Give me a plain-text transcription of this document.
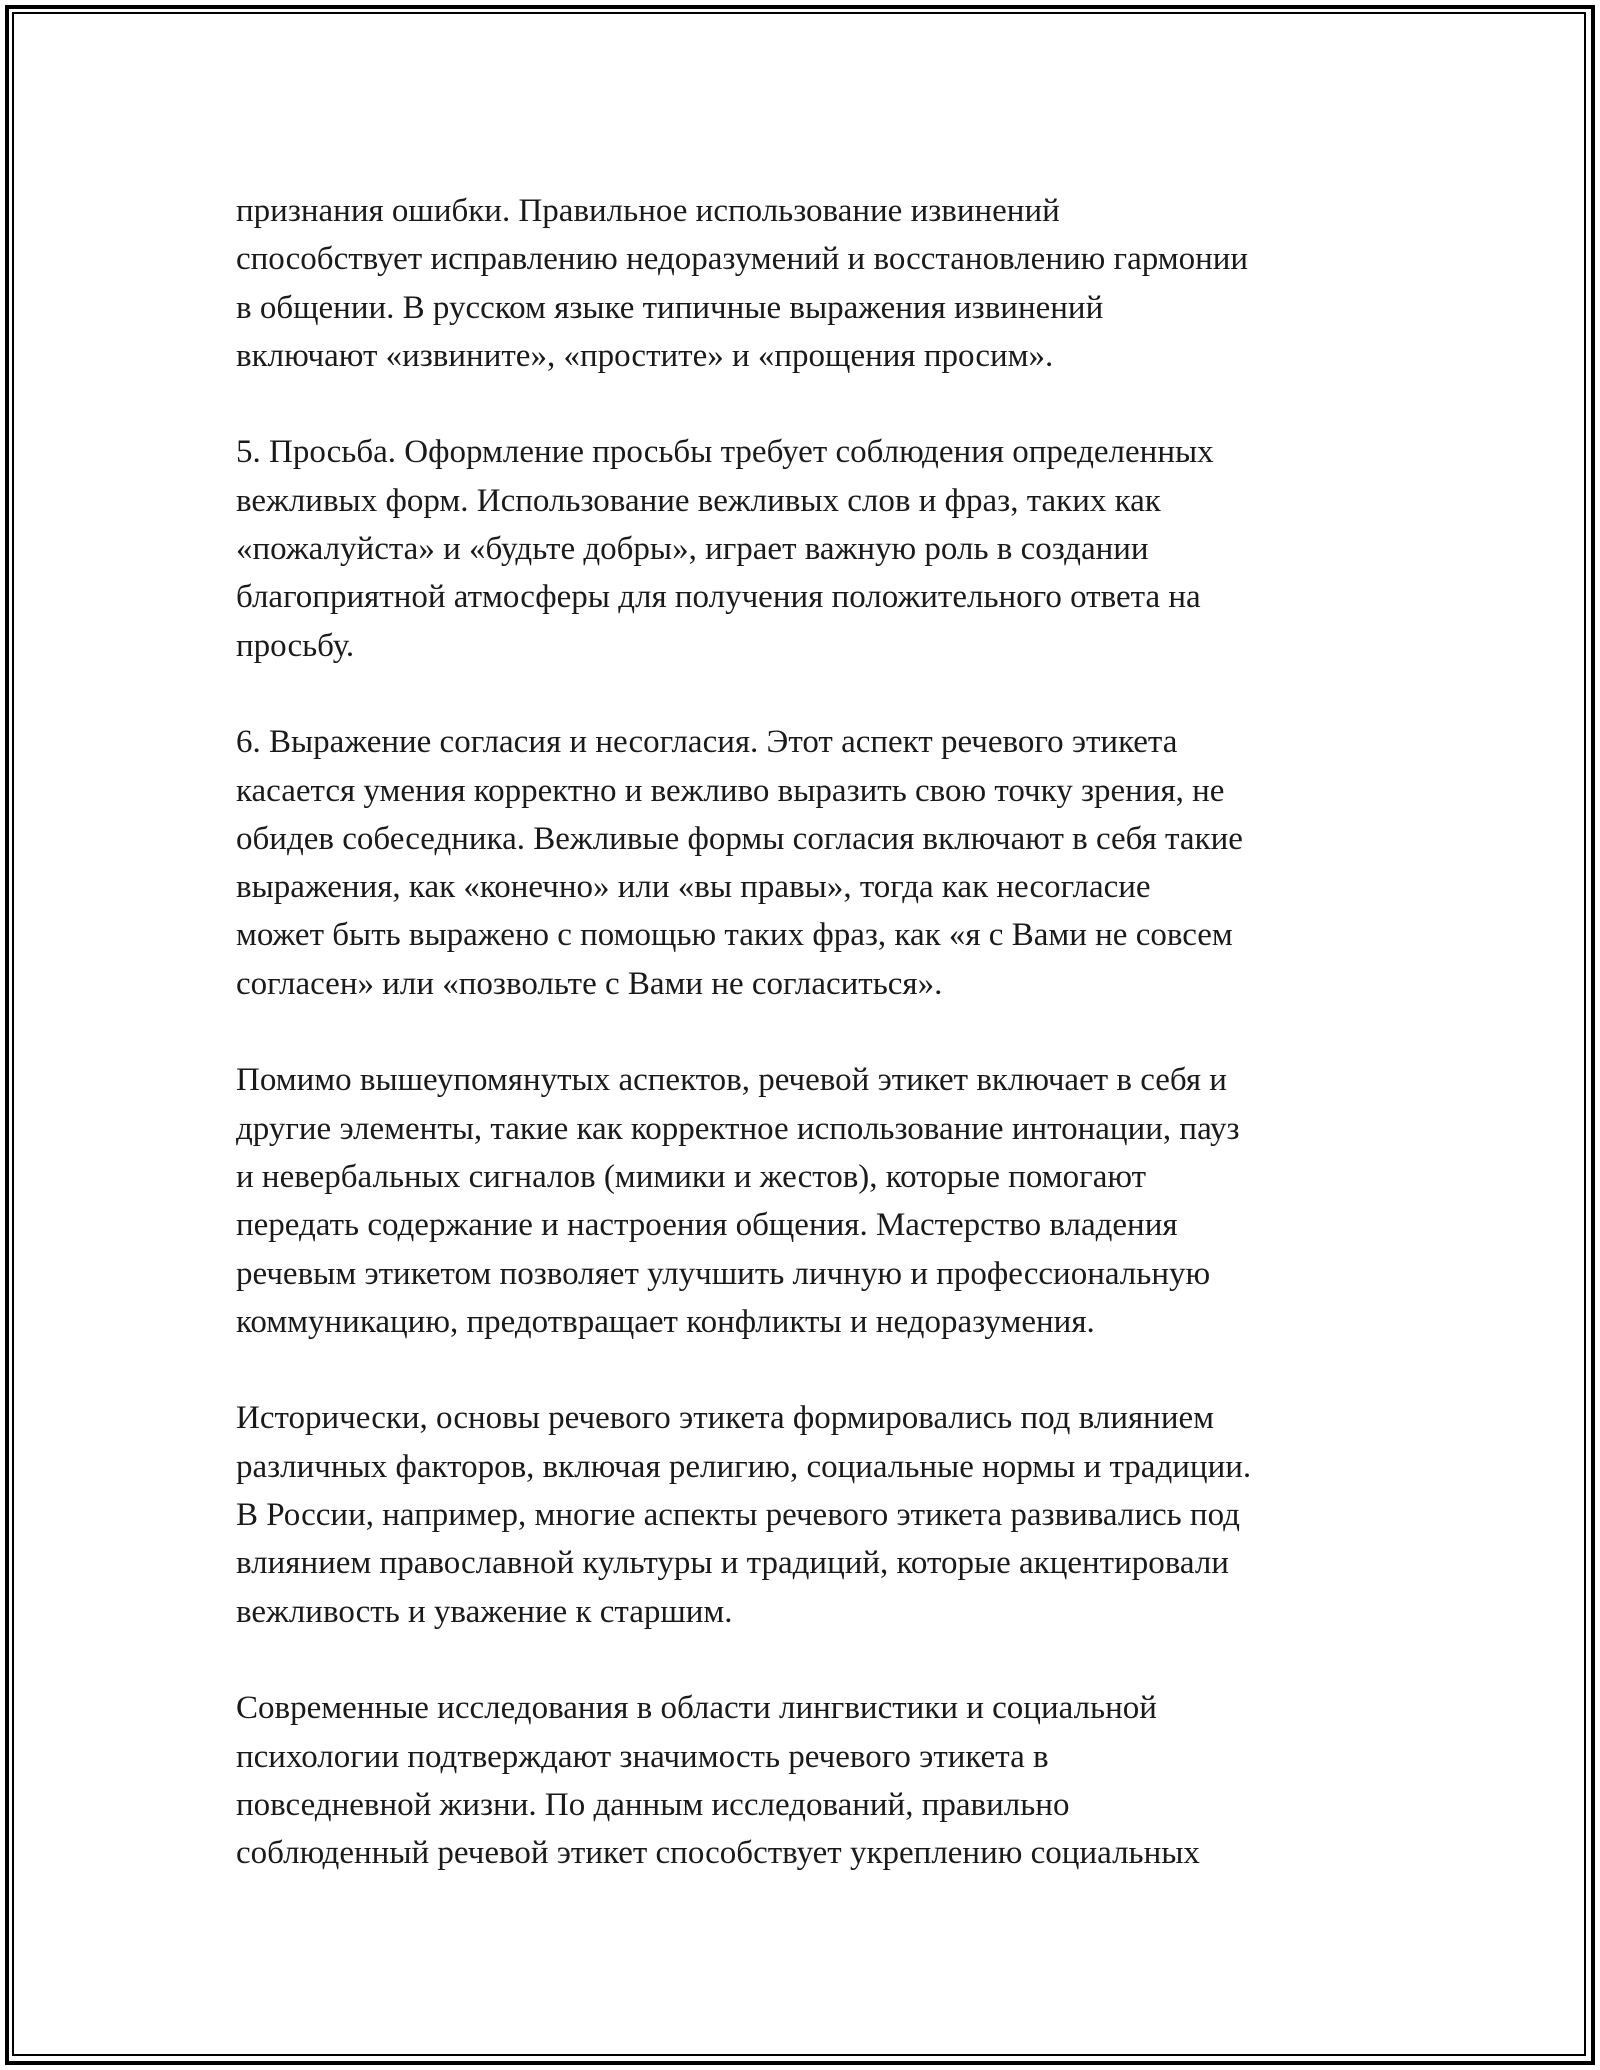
признания ошибки. Правильное использование извинений
способствует исправлению недоразумений и восстановлению гармонии
в общении. В русском языке типичные выражения извинений
включают «извините», «простите» и «прощения просим».

5. Просьба. Оформление просьбы требует соблюдения определенных
вежливых форм. Использование вежливых слов и фраз, таких как
«пожалуйста» и «будьте добры», играет важную роль в создании
благоприятной атмосферы для получения положительного ответа на
просьбу.

6. Выражение согласия и несогласия. Этот аспект речевого этикета
касается умения корректно и вежливо выразить свою точку зрения, не
обидев собеседника. Вежливые формы согласия включают в себя такие
выражения, как «конечно» или «вы правы», тогда как несогласие
может быть выражено с помощью таких фраз, как «я с Вами не совсем
согласен» или «позвольте с Вами не согласиться».

Помимо вышеупомянутых аспектов, речевой этикет включает в себя и
другие элементы, такие как корректное использование интонации, пауз
и невербальных сигналов (мимики и жестов), которые помогают
передать содержание и настроения общения. Мастерство владения
речевым этикетом позволяет улучшить личную и профессиональную
коммуникацию, предотвращает конфликты и недоразумения.

Исторически, основы речевого этикета формировались под влиянием
различных факторов, включая религию, социальные нормы и традиции.
В России, например, многие аспекты речевого этикета развивались под
влиянием православной культуры и традиций, которые акцентировали
вежливость и уважение к старшим.

Современные исследования в области лингвистики и социальной
психологии подтверждают значимость речевого этикета в
повседневной жизни. По данным исследований, правильно
соблюденный речевой этикет способствует укреплению социальных
